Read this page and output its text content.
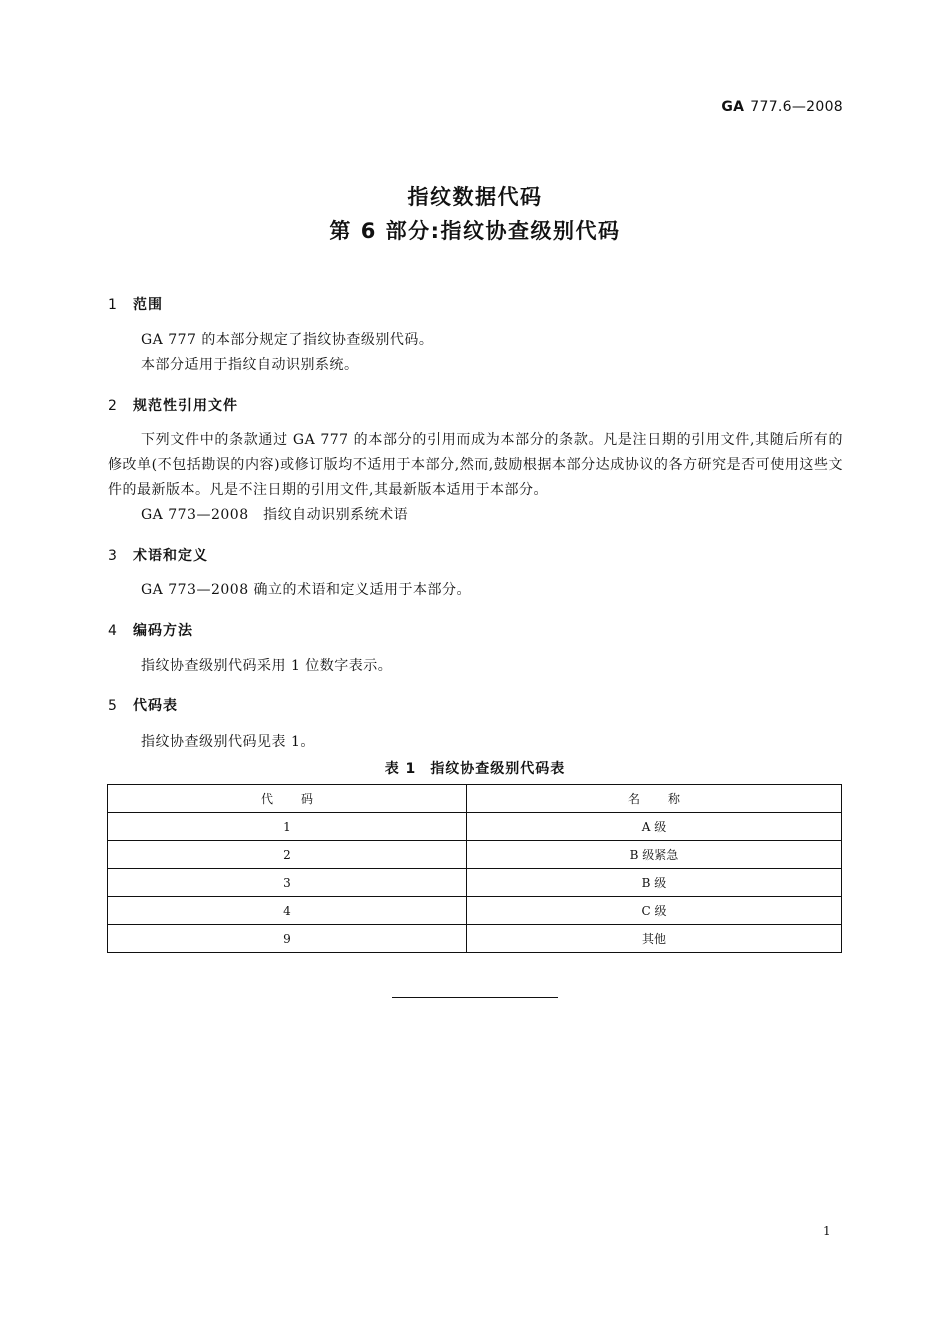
GA 777.6—2008
指纹数据代码
第 6 部分:指纹协查级别代码
1 范围
GA 777 的本部分规定了指纹协查级别代码。
本部分适用于指纹自动识别系统。
2 规范性引用文件
下列文件中的条款通过 GA 777 的本部分的引用而成为本部分的条款。凡是注日期的引用文件,其随后所有的修改单(不包括勘误的内容)或修订版均不适用于本部分,然而,鼓励根据本部分达成协议的各方研究是否可使用这些文件的最新版本。凡是不注日期的引用文件,其最新版本适用于本部分。
GA 773—2008　指纹自动识别系统术语
3 术语和定义
GA 773—2008 确立的术语和定义适用于本部分。
4 编码方法
指纹协查级别代码采用 1 位数字表示。
5 代码表
指纹协查级别代码见表 1。
表 1 指纹协查级别代码表
代码	名称
1	A 级
2	B 级紧急
3	B 级
4	C 级
9	其他
1
